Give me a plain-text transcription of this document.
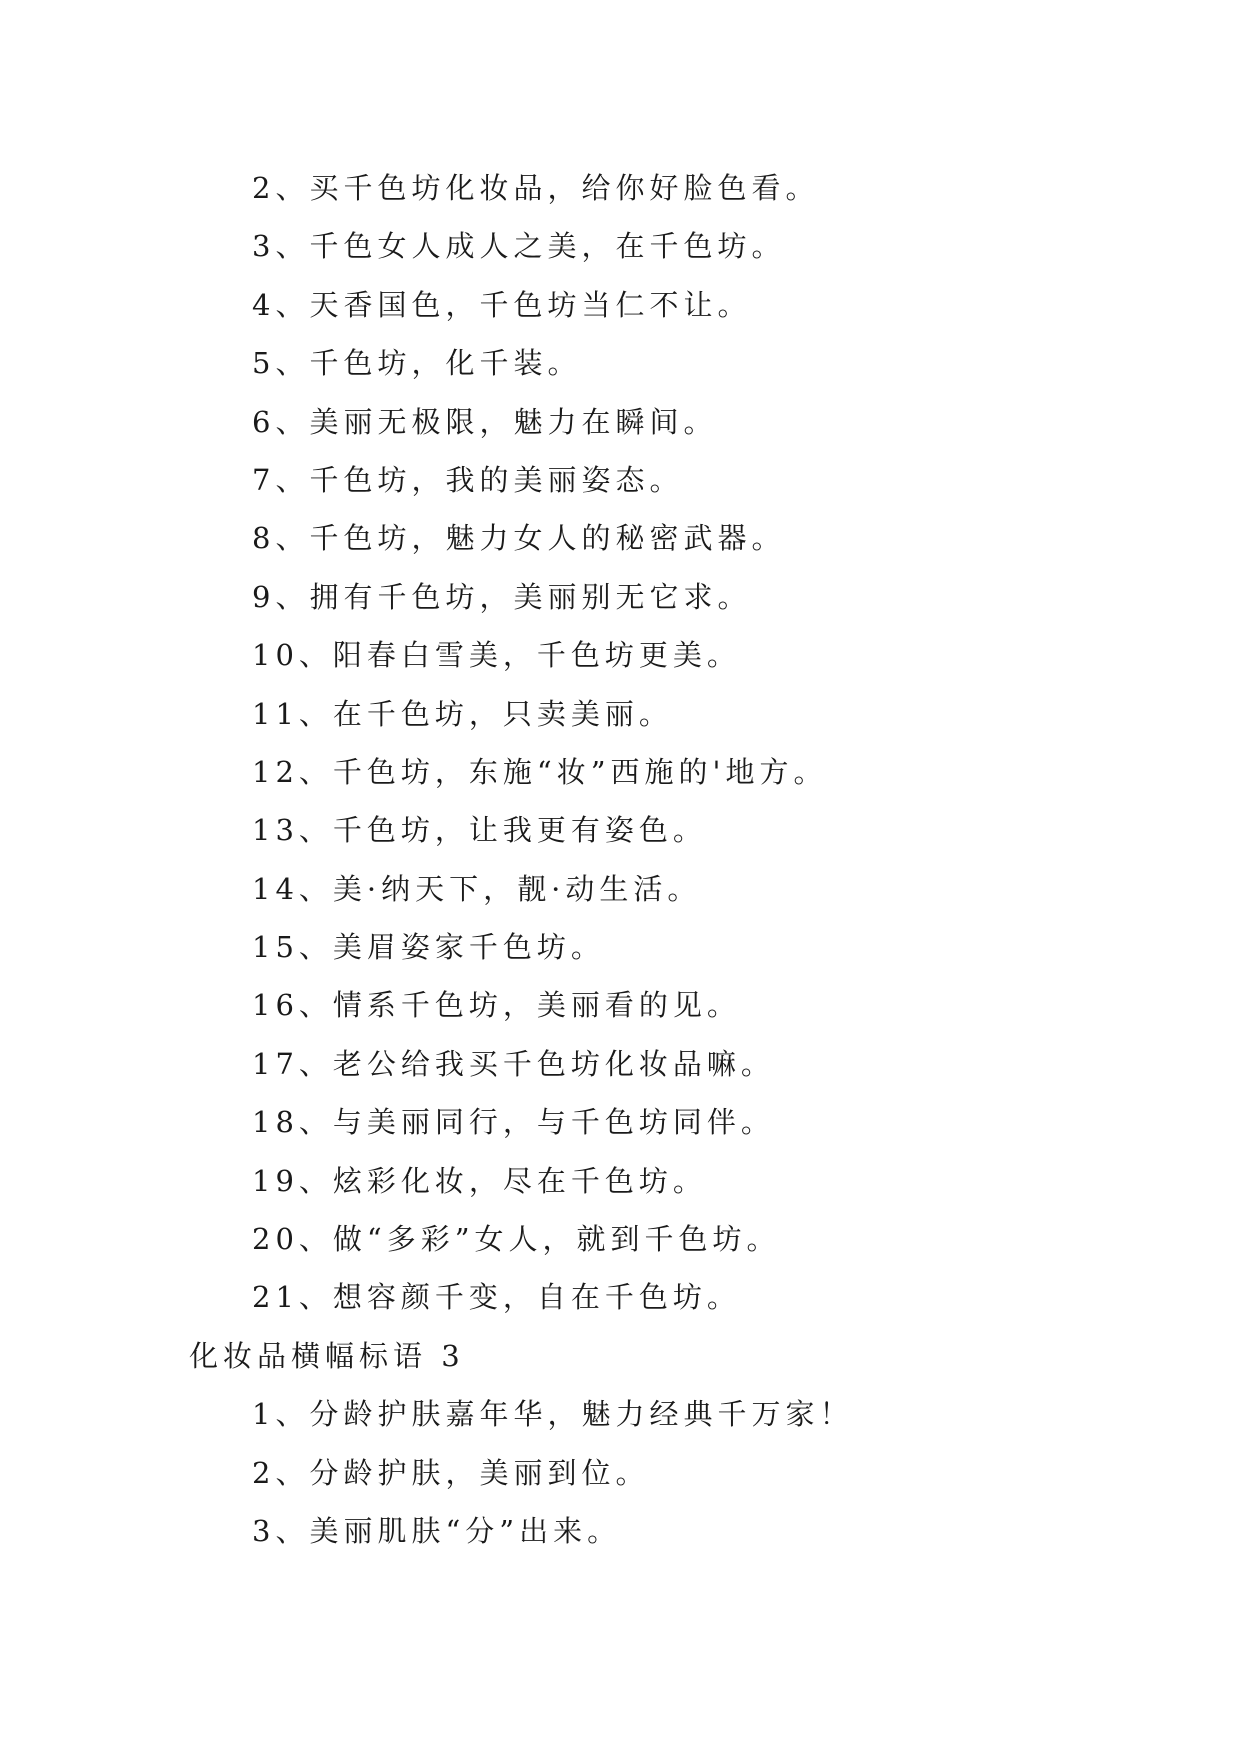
2、买千色坊化妆品，给你好脸色看。
3、千色女人成人之美，在千色坊。
4、天香国色，千色坊当仁不让。
5、千色坊，化千装。
6、美丽无极限，魅力在瞬间。
7、千色坊，我的美丽姿态。
8、千色坊，魅力女人的秘密武器。
9、拥有千色坊，美丽别无它求。
10、阳春白雪美，千色坊更美。
11、在千色坊，只卖美丽。
12、千色坊，东施“妆”西施的'地方。
13、千色坊，让我更有姿色。
14、美·纳天下，靓·动生活。
15、美眉姿家千色坊。
16、情系千色坊，美丽看的见。
17、老公给我买千色坊化妆品嘛。
18、与美丽同行，与千色坊同伴。
19、炫彩化妆，尽在千色坊。
20、做“多彩”女人，就到千色坊。
21、想容颜千变，自在千色坊。
化妆品横幅标语 3
1、分龄护肤嘉年华，魅力经典千万家！
2、分龄护肤，美丽到位。
3、美丽肌肤“分”出来。
